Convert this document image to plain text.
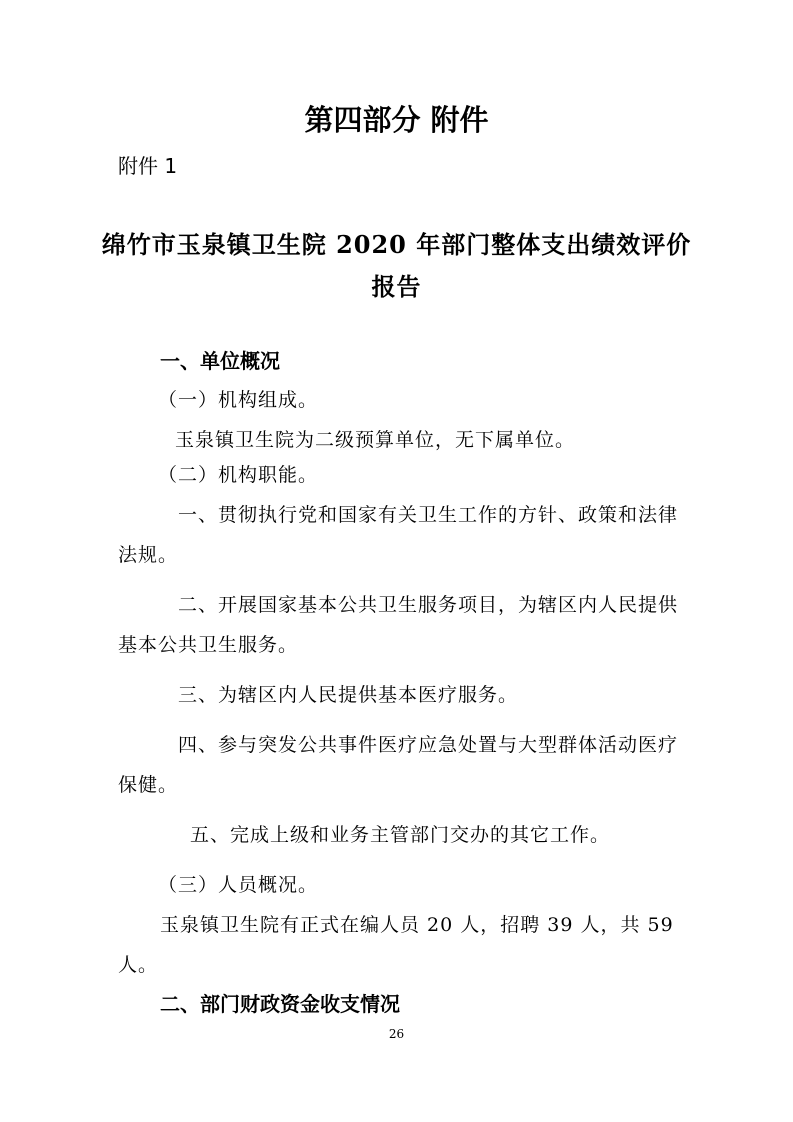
第四部分 附件
附件 1
绵竹市玉泉镇卫生院 2020 年部门整体支出绩效评价
报告
一、单位概况
（一）机构组成。
玉泉镇卫生院为二级预算单位，无下属单位。
（二）机构职能。
一、贯彻执行党和国家有关卫生工作的方针、政策和法律
法规。
二、开展国家基本公共卫生服务项目，为辖区内人民提供
基本公共卫生服务。
三、为辖区内人民提供基本医疗服务。
四、参与突发公共事件医疗应急处置与大型群体活动医疗
保健。
五、完成上级和业务主管部门交办的其它工作。
（三）人员概况。
玉泉镇卫生院有正式在编人员 20 人，招聘 39 人，共 59
人。
二、部门财政资金收支情况
26
